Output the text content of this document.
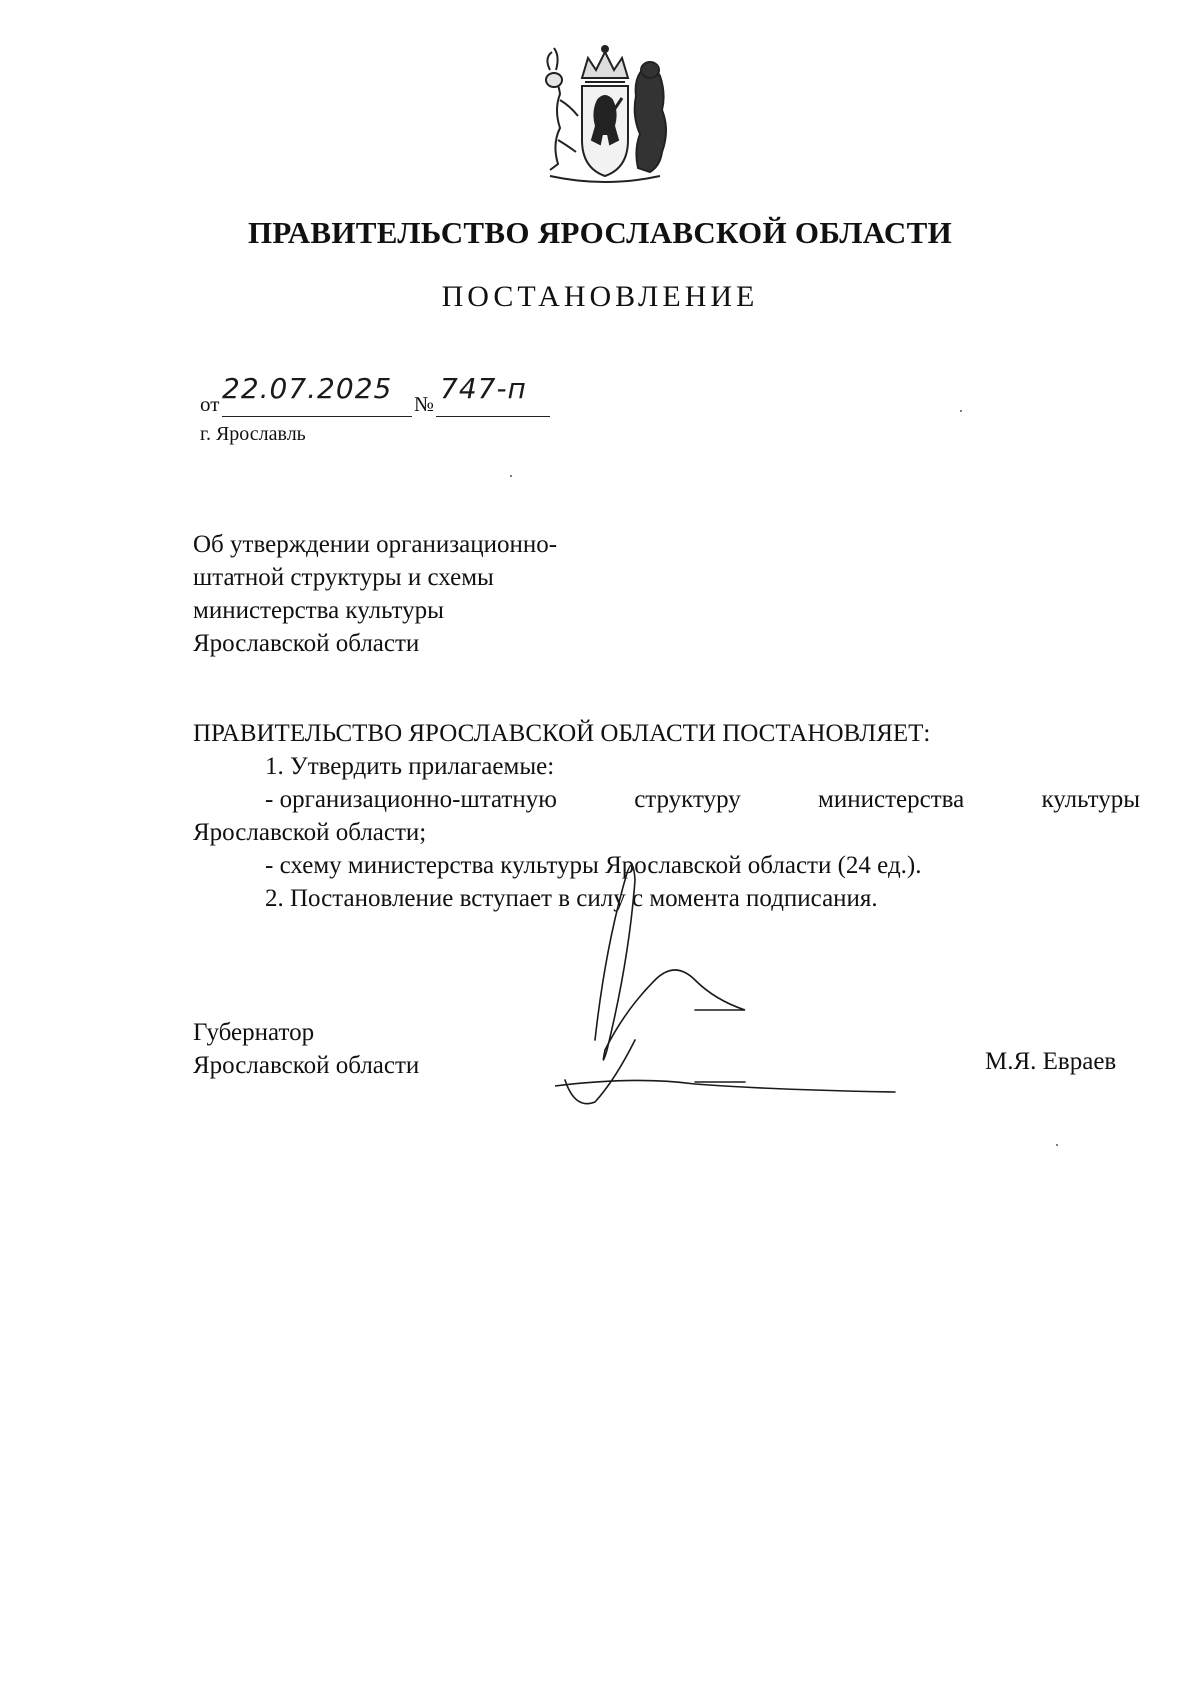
ПРАВИТЕЛЬСТВО ЯРОСЛАВСКОЙ ОБЛАСТИ
ПОСТАНОВЛЕНИЕ
от 22.07.2025 № 747-п
г. Ярославль
Об утверждении организационно-
штатной структуры и схемы
министерства культуры
Ярославской области
ПРАВИТЕЛЬСТВО ЯРОСЛАВСКОЙ ОБЛАСТИ ПОСТАНОВЛЯЕТ:
1. Утвердить прилагаемые:
- организационно-штатную	структуру	министерства	культуры
Ярославской области;
- схему министерства культуры Ярославской области (24 ед.).
2. Постановление вступает в силу с момента подписания.
Губернатор
Ярославской области	М.Я. Евраев
